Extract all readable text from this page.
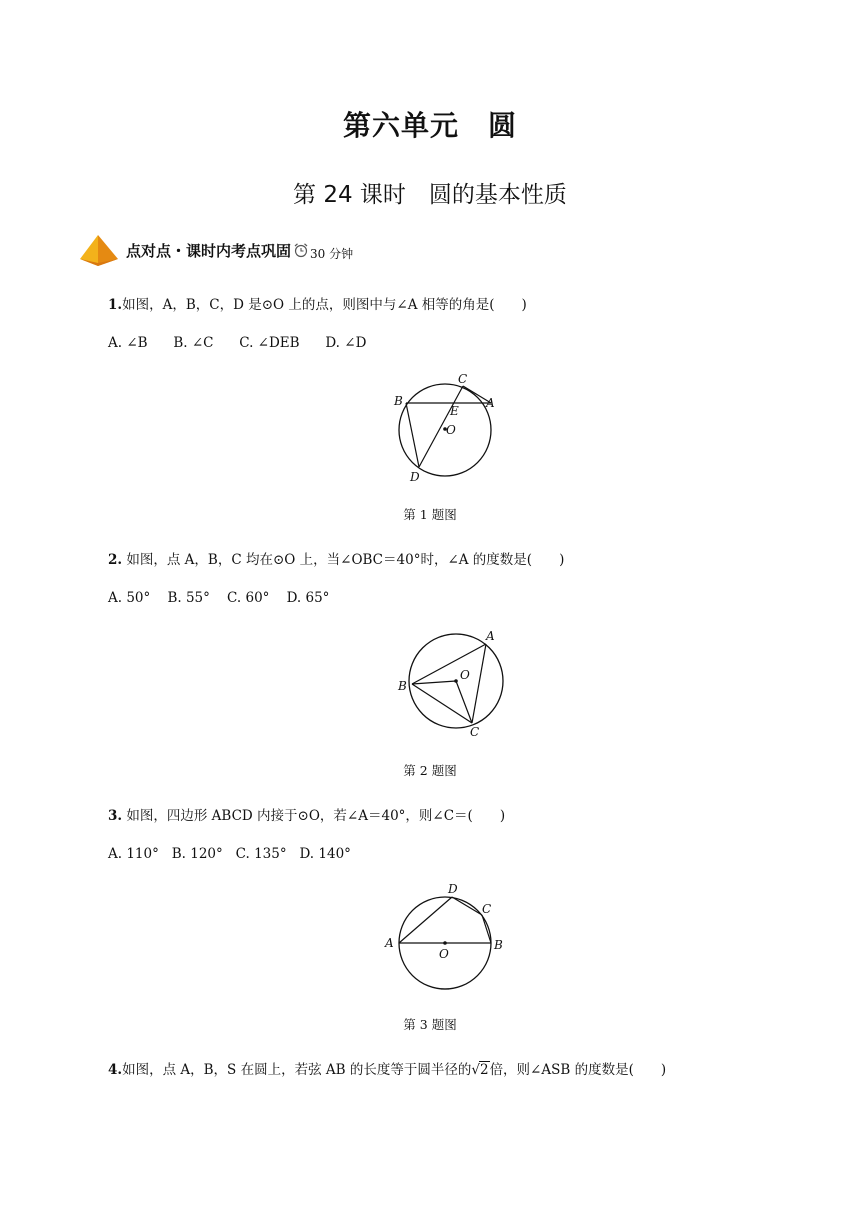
第六单元　圆
第 24 课时　圆的基本性质
点对点・课时内考点巩固 30 分钟
1.如图，A，B，C，D 是⊙O 上的点，则图中与∠A 相等的角是(　　)
A. ∠B B. ∠C C. ∠DEB D. ∠D
C
B	A
E
O
D
第 1 题图
2. 如图，点 A，B，C 均在⊙O 上，当∠OBC＝40°时，∠A 的度数是(　　)
A. 50° B. 55° C. 60° D. 65°
A
O
B
C
第 2 题图
3. 如图，四边形 ABCD 内接于⊙O，若∠A＝40°，则∠C＝(　　)
A. 110° B. 120° C. 135° D. 140°
D
C
A	B
O
第 3 题图
4.如图，点 A，B，S 在圆上，若弦 AB 的长度等于圆半径的√2倍，则∠ASB 的度数是(　　)
